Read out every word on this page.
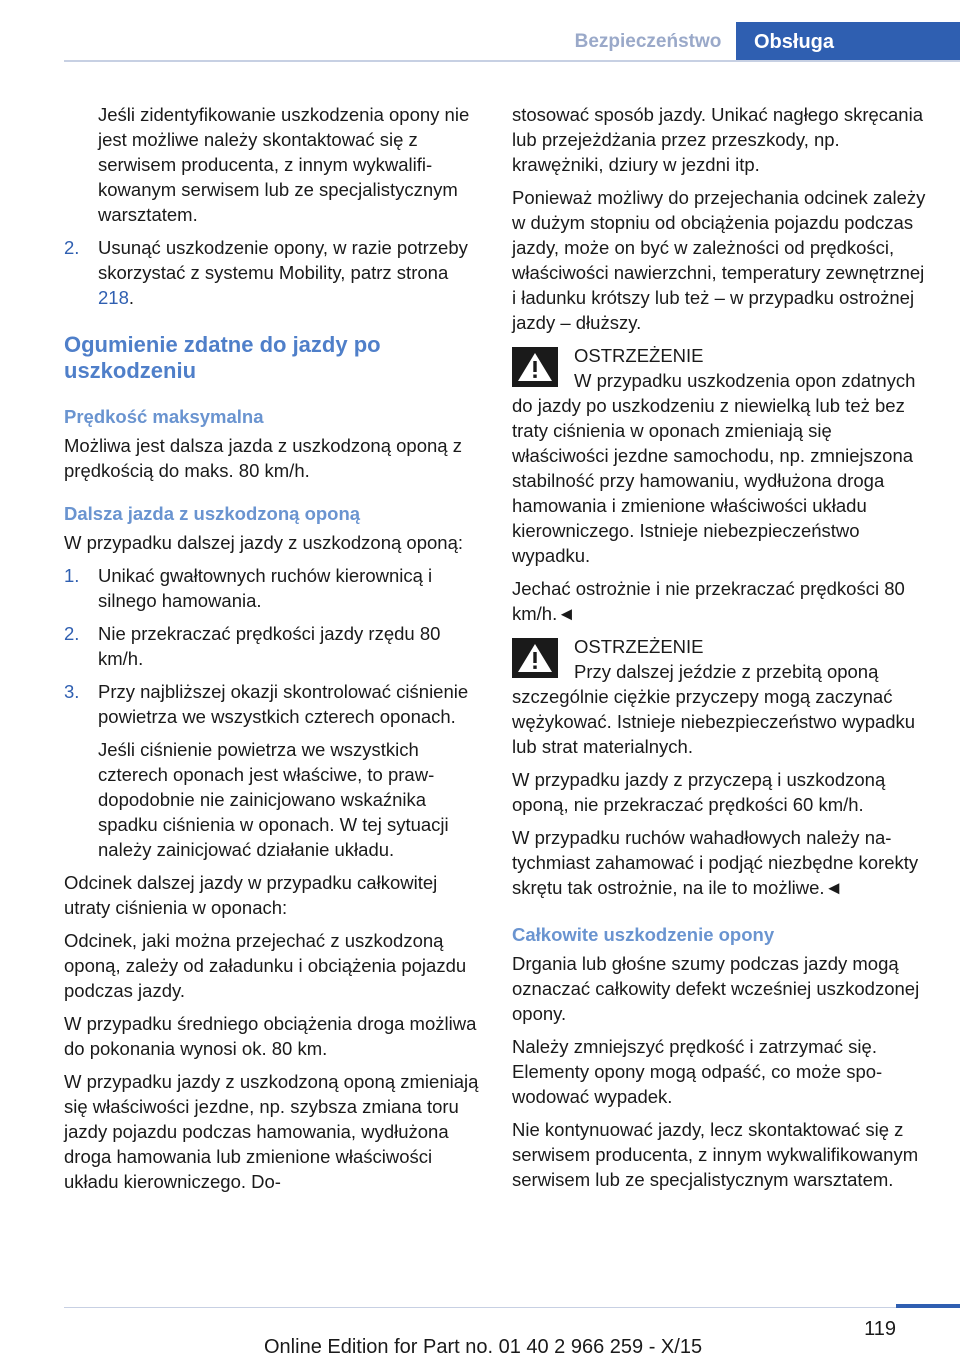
Bezpieczeństwo	Obsługa

Jeśli zidentyfikowanie uszkodzenia opony nie jest możliwe należy skontaktować się z serwisem producenta, z innym wykwalifikowanym serwisem lub ze specjalistycznym warsztatem.

2. Usunąć uszkodzenie opony, w razie potrzeby skorzystać z systemu Mobility, patrz strona 218.
Ogumienie zdatne do jazdy po uszkodzeniu
Prędkość maksymalna

Możliwa jest dalsza jazda z uszkodzoną oponą z prędkością do maks. 80 km/h.

Dalsza jazda z uszkodzoną oponą

W przypadku dalszej jazdy z uszkodzoną oponą:

1. Unikać gwałtownych ruchów kierownicą i silnego hamowania.
2. Nie przekraczać prędkości jazdy rzędu 80 km/h.
3. Przy najbliższej okazji skontrolować ciśnienie powietrza we wszystkich czterech oponach.

Jeśli ciśnienie powietrza we wszystkich czterech oponach jest właściwe, to prawdopodobnie nie zainicjowano wskaźnika spadku ciśnienia w oponach. W tej sytuacji należy zainicjować działanie układu.

Odcinek dalszej jazdy w przypadku całkowitej utraty ciśnienia w oponach:

Odcinek, jaki można przejechać z uszkodzoną oponą, zależy od załadunku i obciążenia pojazdu podczas jazdy.

W przypadku średniego obciążenia droga możliwa do pokonania wynosi ok. 80 km.

W przypadku jazdy z uszkodzoną oponą zmieniają się właściwości jezdne, np. szybsza zmiana toru jazdy pojazdu podczas hamowania, wydłużona droga hamowania lub zmienione właściwości układu kierowniczego. Do-

stosować sposób jazdy. Unikać nagłego skręcania lub przejeżdżania przez przeszkody, np. krawężniki, dziury w jezdni itp.

Ponieważ możliwy do przejechania odcinek zależy w dużym stopniu od obciążenia pojazdu podczas jazdy, może on być w zależności od prędkości, właściwości nawierzchni, temperatury zewnętrznej i ładunku krótszy lub też – w przypadku ostrożnej jazdy – dłuższy.

OSTRZEŻENIE

W przypadku uszkodzenia opon zdatnych do jazdy po uszkodzeniu z niewielką lub też bez traty ciśnienia w oponach zmieniają się właściwości jezdne samochodu, np. zmniejszona stabilność przy hamowaniu, wydłużona droga hamowania i zmienione właściwości układu kierowniczego. Istnieje niebezpieczeństwo wypadku.

Jechać ostrożnie i nie przekraczać prędkości 80 km/h.◄

OSTRZEŻENIE

Przy dalszej jeździe z przebitą oponą szczególnie ciężkie przyczepy mogą zaczynać wężykować. Istnieje niebezpieczeństwo wypadku lub strat materialnych.

W przypadku jazdy z przyczepą i uszkodzoną oponą, nie przekraczać prędkości 60 km/h.

W przypadku ruchów wahadłowych należy natychmiast zahamować i podjąć niezbędne korekty skrętu tak ostrożnie, na ile to możliwe.◄

Całkowite uszkodzenie opony

Drgania lub głośne szumy podczas jazdy mogą oznaczać całkowity defekt wcześniej uszkodzonej opony.

Należy zmniejszyć prędkość i zatrzymać się. Elementy opony mogą odpaść, co może spowodować wypadek.

Nie kontynuować jazdy, lecz skontaktować się z serwisem producenta, z innym wykwalifikowanym serwisem lub ze specjalistycznym warsztatem.

119
Online Edition for Part no. 01 40 2 966 259 - X/15
